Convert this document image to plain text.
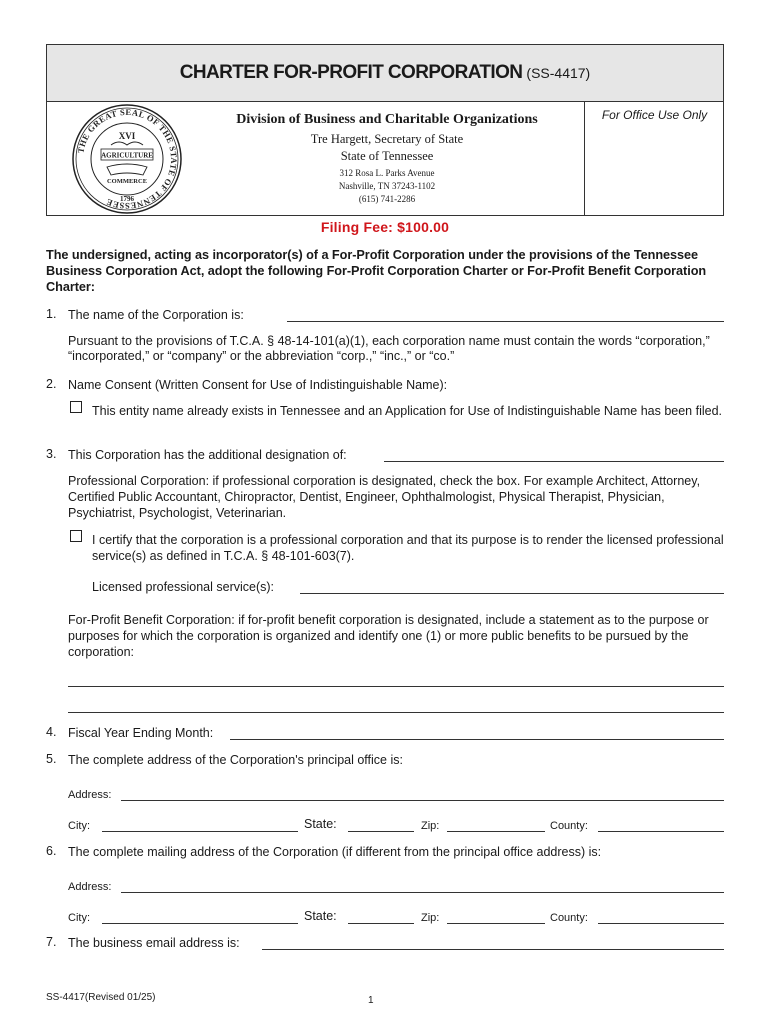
CHARTER FOR-PROFIT CORPORATION (SS-4417)
THE GREAT SEAL OF THE STATE OF TENNESSEE
XVI
AGRICULTURE
COMMERCE
1796
Division of Business and Charitable Organizations
Tre Hargett, Secretary of State
State of Tennessee
312 Rosa L. Parks Avenue
Nashville, TN 37243-1102
(615) 741-2286
For Office Use Only
Filing Fee: $100.00
The undersigned, acting as incorporator(s) of a For-Profit Corporation under the provisions of the Tennessee Business Corporation Act, adopt the following For-Profit Corporation Charter or For-Profit Benefit Corporation Charter:
1. The name of the Corporation is:
Pursuant to the provisions of T.C.A. § 48-14-101(a)(1), each corporation name must contain the words “corporation,” “incorporated,” or “company” or the abbreviation “corp.,” “inc.,” or “co.”
2. Name Consent (Written Consent for Use of Indistinguishable Name):
This entity name already exists in Tennessee and an Application for Use of Indistinguishable Name has been filed.
3. This Corporation has the additional designation of:
Professional Corporation: if professional corporation is designated, check the box. For example Architect, Attorney, Certified Public Accountant, Chiropractor, Dentist, Engineer, Ophthalmologist, Physical Therapist, Physician, Psychiatrist, Psychologist, Veterinarian.
I certify that the corporation is a professional corporation and that its purpose is to render the licensed professional service(s) as defined in T.C.A. § 48-101-603(7).
Licensed professional service(s):
For-Profit Benefit Corporation: if for-profit benefit corporation is designated, include a statement as to the purpose or purposes for which the corporation is organized and identify one (1) or more public benefits to be pursued by the corporation:
4. Fiscal Year Ending Month:
5. The complete address of the Corporation's principal office is:
Address:
City:	State:	Zip:	County:
6. The complete mailing address of the Corporation (if different from the principal office address) is:
Address:
City:	State:	Zip:	County:
7. The business email address is:
SS-4417(Revised 01/25)	1
